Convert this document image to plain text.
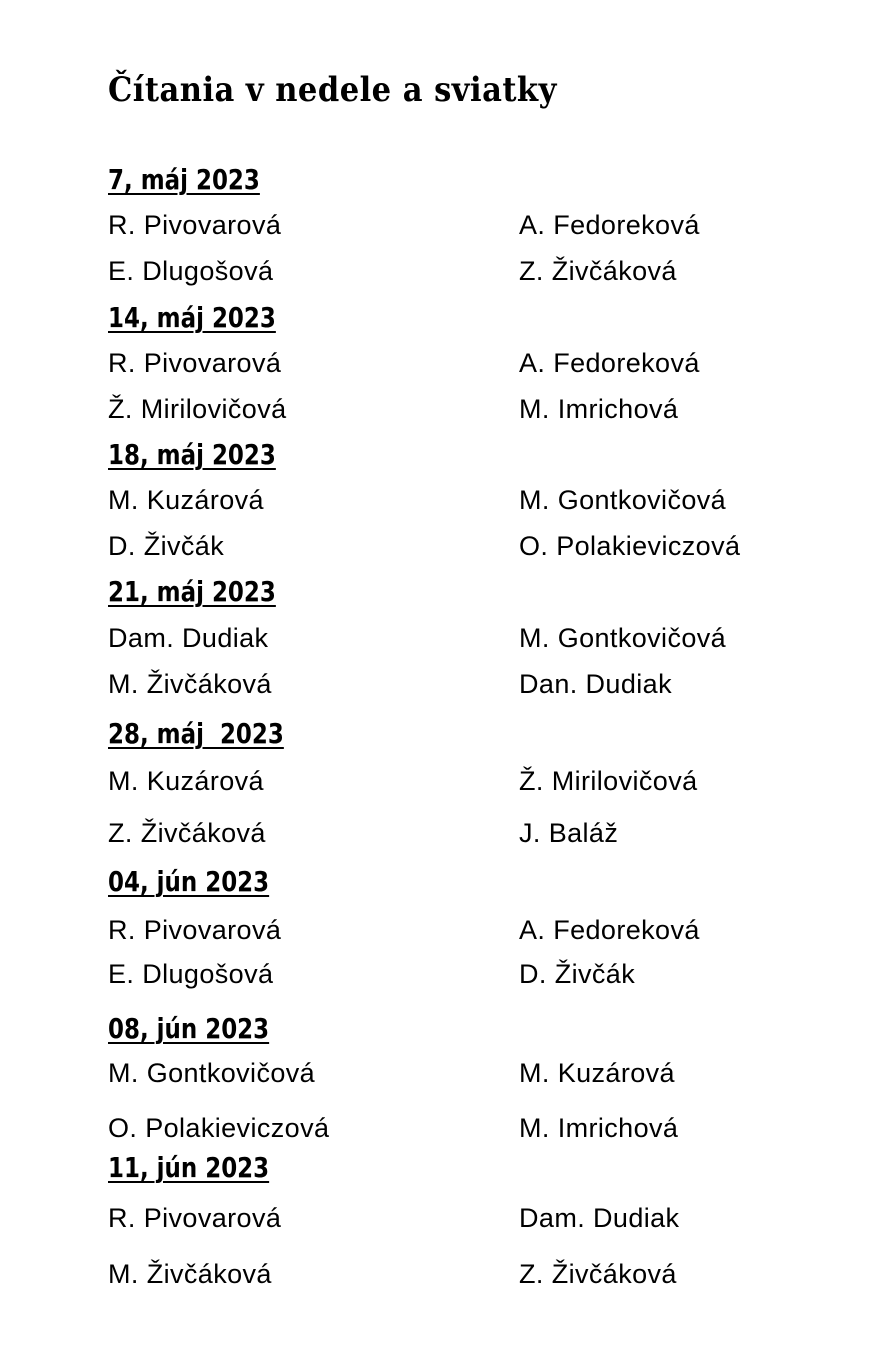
Čítania v nedele a sviatky
7, máj 2023
R. Pivovarová	A. Fedoreková
E. Dlugošová	Z. Živčáková
14, máj 2023
R. Pivovarová	A. Fedoreková
Ž. Mirilovičová	M. Imrichová
18, máj 2023
M. Kuzárová	M. Gontkovičová
D. Živčák	O. Polakieviczová
21, máj 2023
Dam. Dudiak	M. Gontkovičová
M. Živčáková	Dan. Dudiak
28, máj  2023
M. Kuzárová	Ž. Mirilovičová
Z. Živčáková	J. Baláž
04, jún 2023
R. Pivovarová	A. Fedoreková
E. Dlugošová	D. Živčák
08, jún 2023
M. Gontkovičová	M. Kuzárová
O. Polakieviczová	M. Imrichová
11, jún 2023
R. Pivovarová	Dam. Dudiak
M. Živčáková	Z. Živčáková
